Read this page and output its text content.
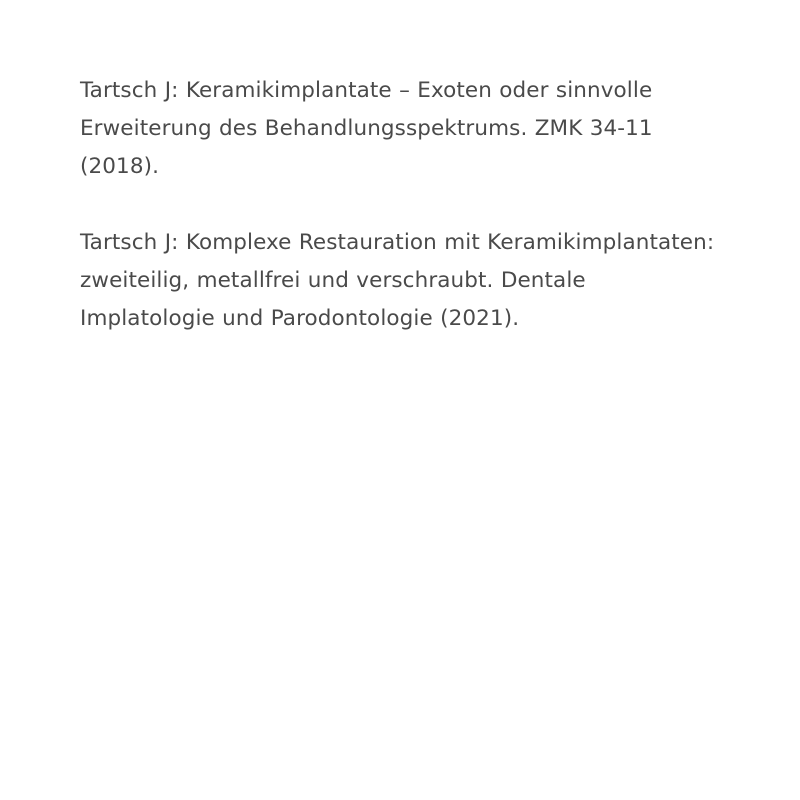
Tartsch J: Keramikimplantate – Exoten oder sinnvolle Erweiterung des Behandlungsspektrums. ZMK 34-11 (2018).

Tartsch J: Komplexe Restauration mit Keramikimplantaten: zweiteilig, metallfrei und verschraubt. Dentale Implatologie und Parodontologie (2021).
